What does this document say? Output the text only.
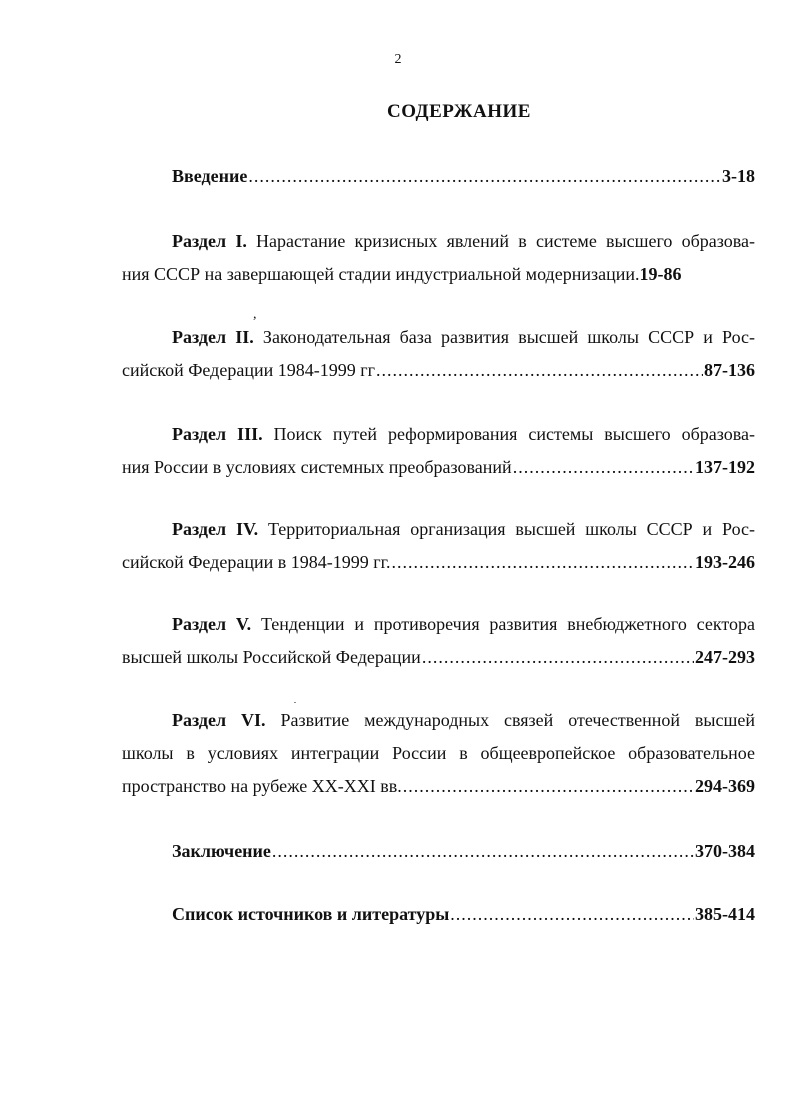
2
СОДЕРЖАНИЕ
Введение .....	3-18
Раздел I. Нарастание кризисных явлений в системе высшего образова-
ния СССР на завершающей стадии индустриальной модернизации. 19-86
,
Раздел II. Законодательная база развития высшей школы СССР и Рос-
сийской Федерации 1984-1999 гг .....	87-136
Раздел III. Поиск путей реформирования системы высшего образова-
ния России в условиях системных преобразований .....	137-192
Раздел IV. Территориальная организация высшей школы СССР и Рос-
сийской Федерации в 1984-1999 гг. .....	193-246
Раздел V. Тенденции и противоречия развития внебюджетного сектора
высшей школы Российской Федерации .....	247-293
Раздел VI. Развитие международных связей отечественной высшей
школы в условиях интеграции России в общеевропейское образовательное
пространство на рубеже XX-XXI вв. .....	294-369
Заключение .....	370-384
Список источников и литературы .....	385-414
